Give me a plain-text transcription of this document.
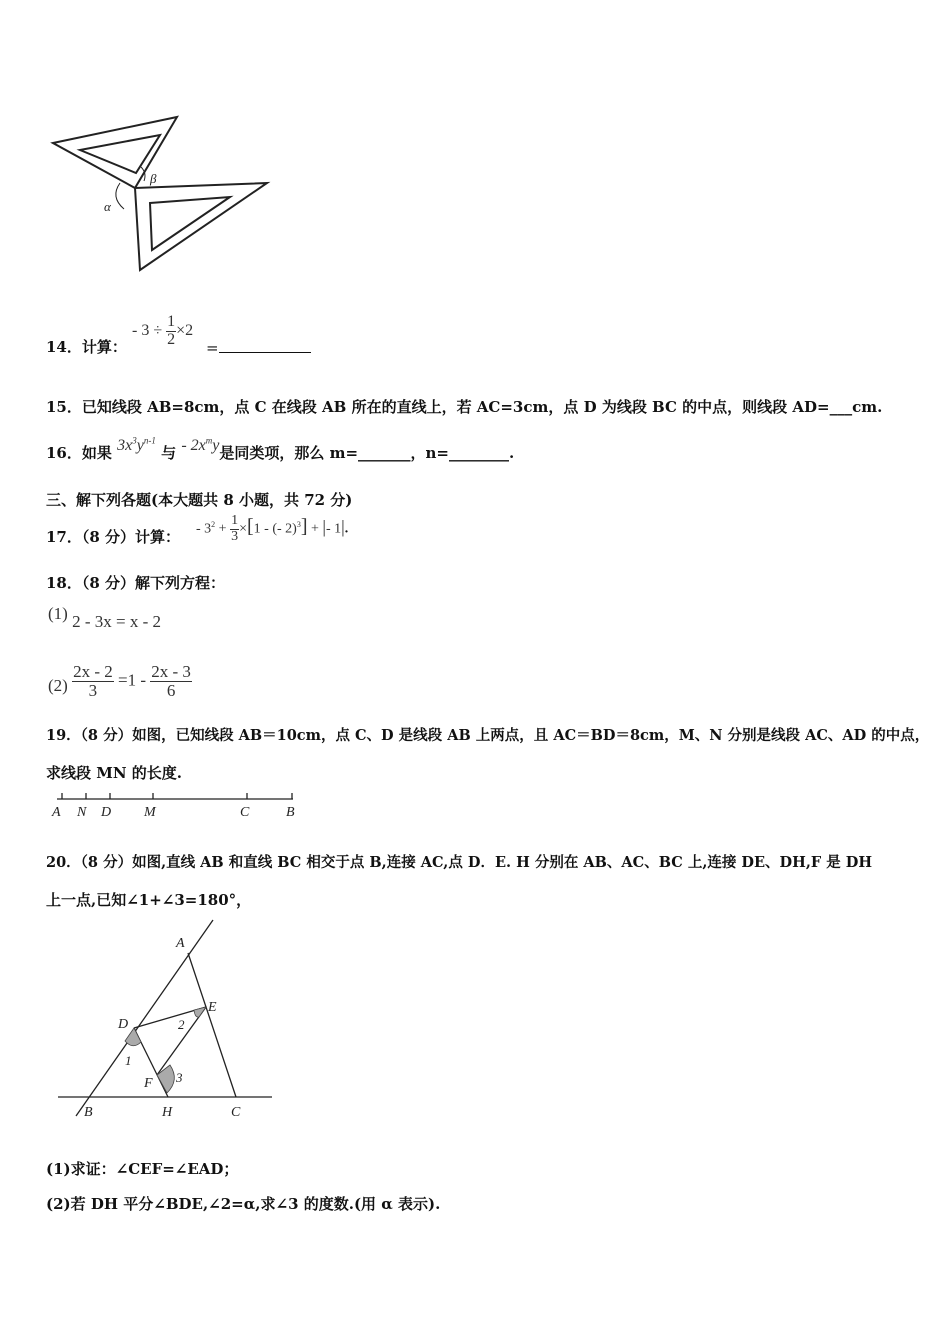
α
β
14．计算：
- $3 \div \frac{1}{2} \times 2$
=
15．已知线段 AB=8cm，点 C 在线段 AB 所在的直线上，若 AC=3cm，点 D 为线段 BC 的中点，则线段 AD=___cm.
16．如果 $3x^3y^{n-1}$ 与 - $2x^my$是同类项，那么 m=_______，n=________.
三、解下列各题(本大题共 8 小题，共 72 分)
17．（8 分）计算： - $3^2 + \frac{1}{3} \times[1$ - (- 2)$^3$] + |- 1|.
18．（8 分）解下列方程：
(1) 2 - 3x = x - 2
$(2) \frac{2x - 2}{3} =1 - \frac{2x - 3}{6}$
19．（8 分）如图，已知线段 AB＝10cm，点 C、D 是线段 AB 上两点，且 AC＝BD＝8cm，M、N 分别是线段 AC、AD 的中点，
求线段 MN 的长度.
A N D M	C	B
20．（8 分）如图,直线 AB 和直线 BC 相交于点 B,连接 AC,点 D．E. H 分别在 AB、AC、BC 上,连接 DE、DH,F 是 DH
上一点,已知∠1+∠3=180°，
A
D
E
F
B	H	C
1
2
3
(1)求证：∠CEF=∠EAD；
(2)若 DH 平分∠BDE,∠2=α,求∠3 的度数.(用 α 表示).
